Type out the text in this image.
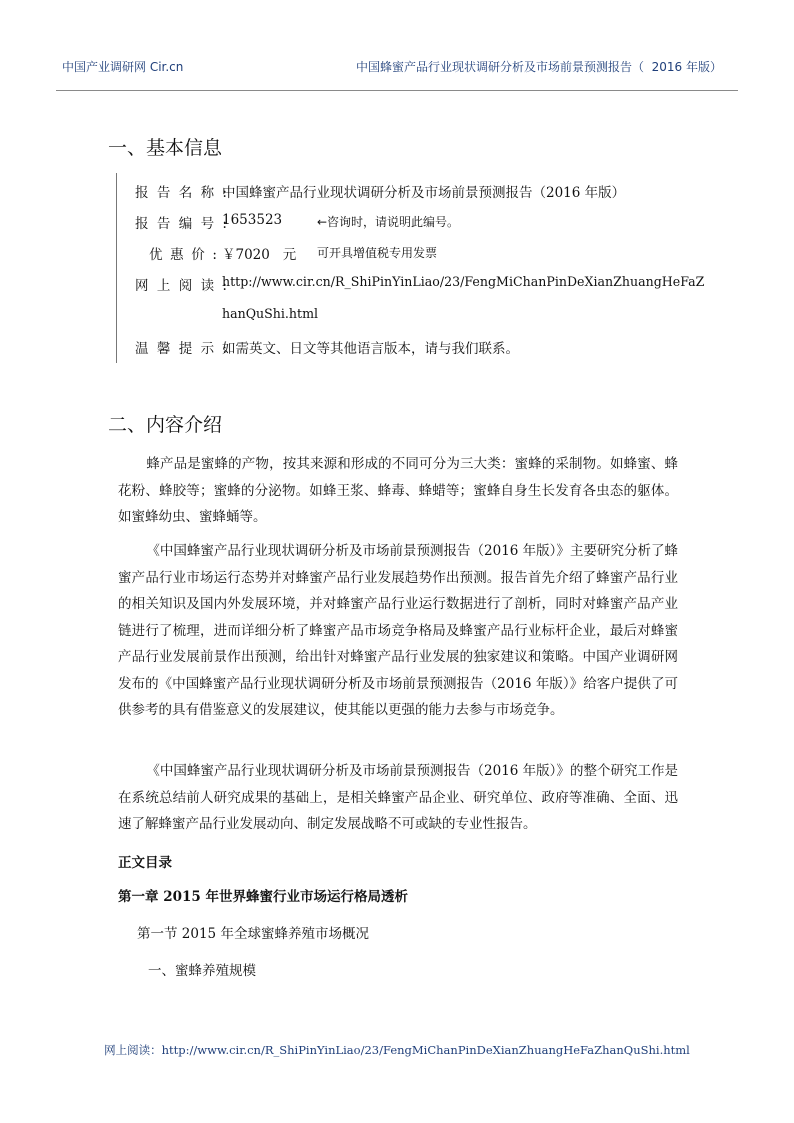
中国产业调研网 Cir.cn	中国蜂蜜产品行业现状调研分析及市场前景预测报告（  2016 年版）
一、基本信息
报告名称:
中国蜂蜜产品行业现状调研分析及市场前景预测报告（2016 年版）
报告编号:
1653523	←咨询时，请说明此编号。
优惠价: ￥7020   元 可开具增值税专用发票
网上阅读:
http://www.cir.cn/R_ShiPinYinLiao/23/FengMiChanPinDeXianZhuangHeFaZ
hanQuShi.html
温馨提示:
如需英文、日文等其他语言版本，请与我们联系。
二、内容介绍
蜂产品是蜜蜂的产物，按其来源和形成的不同可分为三大类：蜜蜂的采制物。如蜂蜜、蜂花粉、蜂胶等；蜜蜂的分泌物。如蜂王浆、蜂毒、蜂蜡等；蜜蜂自身生长发育各虫态的躯体。如蜜蜂幼虫、蜜蜂蛹等。
《中国蜂蜜产品行业现状调研分析及市场前景预测报告（2016 年版）》主要研究分析了蜂蜜产品行业市场运行态势并对蜂蜜产品行业发展趋势作出预测。报告首先介绍了蜂蜜产品行业的相关知识及国内外发展环境，并对蜂蜜产品行业运行数据进行了剖析，同时对蜂蜜产品产业链进行了梳理，进而详细分析了蜂蜜产品市场竞争格局及蜂蜜产品行业标杆企业，最后对蜂蜜产品行业发展前景作出预测，给出针对蜂蜜产品行业发展的独家建议和策略。中国产业调研网发布的《中国蜂蜜产品行业现状调研分析及市场前景预测报告（2016 年版）》给客户提供了可供参考的具有借鉴意义的发展建议，使其能以更强的能力去参与市场竞争。
《中国蜂蜜产品行业现状调研分析及市场前景预测报告（2016 年版）》的整个研究工作是在系统总结前人研究成果的基础上，是相关蜂蜜产品企业、研究单位、政府等准确、全面、迅速了解蜂蜜产品行业发展动向、制定发展战略不可或缺的专业性报告。
正文目录
第一章 2015 年世界蜂蜜行业市场运行格局透析
第一节 2015 年全球蜜蜂养殖市场概况
一、蜜蜂养殖规模
网上阅读：http://www.cir.cn/R_ShiPinYinLiao/23/FengMiChanPinDeXianZhuangHeFaZhanQuShi.html
